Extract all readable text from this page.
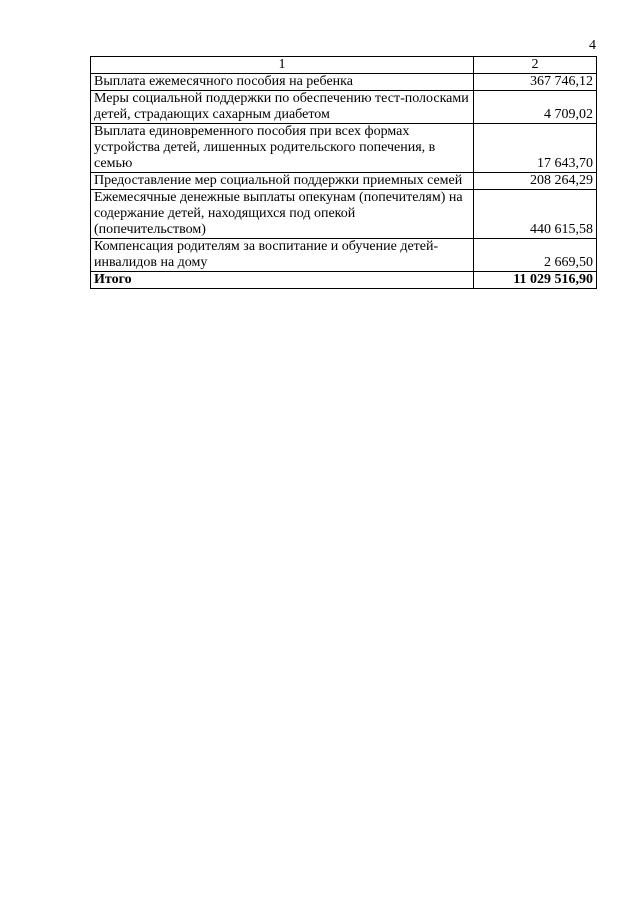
4
1	2
Выплата ежемесячного пособия на ребенка	367 746,12
Меры социальной поддержки по обеспечению тест-полосками детей, страдающих сахарным диабетом	4 709,02
Выплата единовременного пособия при всех формах устройства детей, лишенных родительского попечения, в семью	17 643,70
Предоставление мер социальной поддержки приемных семей	208 264,29
Ежемесячные денежные выплаты опекунам (попечителям) на содержание детей, находящихся под опекой (попечительством)	440 615,58
Компенсация родителям за воспитание и обучение детей-инвалидов на дому	2 669,50
Итого	11 029 516,90
